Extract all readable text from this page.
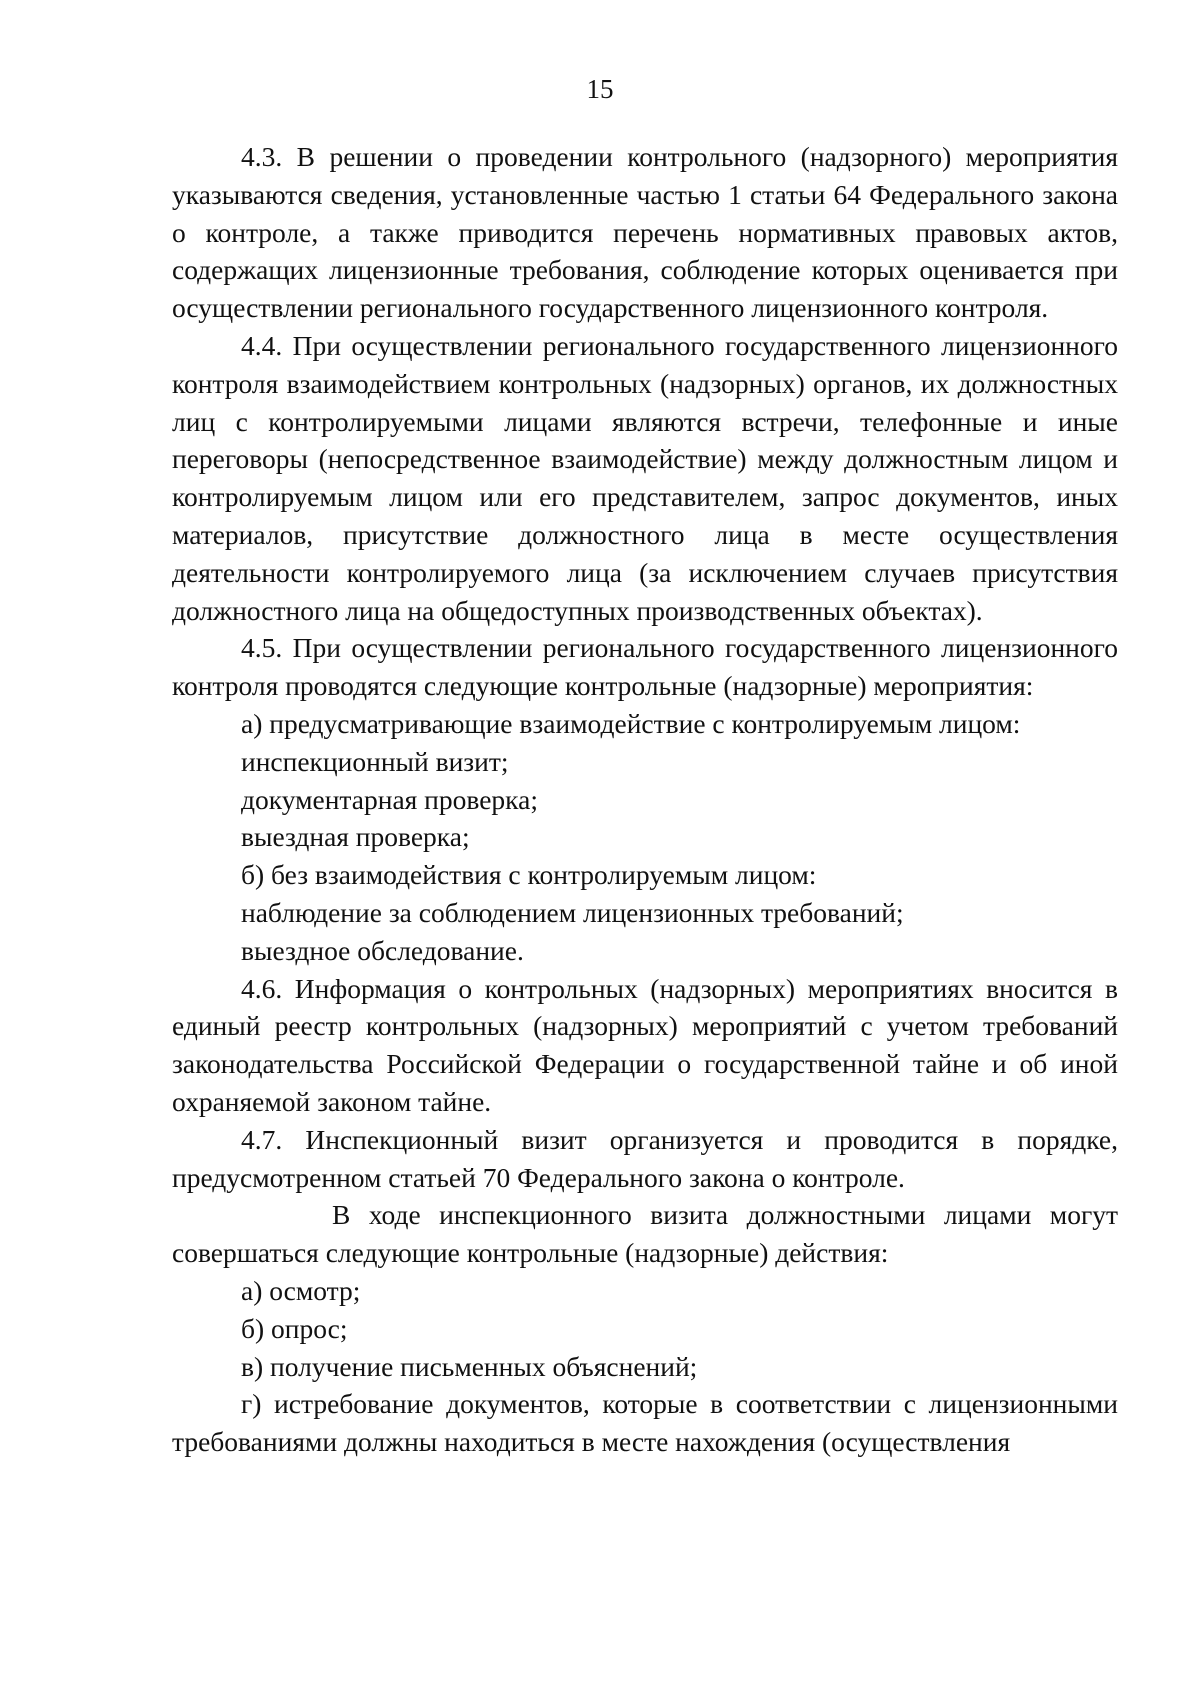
15

4.3. В решении о проведении контрольного (надзорного) мероприятия указываются сведения, установленные частью 1 статьи 64 Федерального закона о контроле, а также приводится перечень нормативных правовых актов, содержащих лицензионные требования, соблюдение которых оценивается при осуществлении регионального государственного лицензионного контроля.

4.4. При осуществлении регионального государственного лицензионного контроля взаимодействием контрольных (надзорных) органов, их должностных лиц с контролируемыми лицами являются встречи, телефонные и иные переговоры (непосредственное взаимодействие) между должностным лицом и контролируемым лицом или его представителем, запрос документов, иных материалов, присутствие должностного лица в месте осуществления деятельности контролируемого лица (за исключением случаев присутствия должностного лица на общедоступных производственных объектах).

4.5. При осуществлении регионального государственного лицензионного контроля проводятся следующие контрольные (надзорные) мероприятия:

а) предусматривающие взаимодействие с контролируемым лицом:

инспекционный визит;

документарная проверка;

выездная проверка;

б) без взаимодействия с контролируемым лицом:

наблюдение за соблюдением лицензионных требований;

выездное обследование.

4.6. Информация о контрольных (надзорных) мероприятиях вносится в единый реестр контрольных (надзорных) мероприятий с учетом требований законодательства Российской Федерации о государственной тайне и об иной охраняемой законом тайне.

4.7. Инспекционный визит организуется и проводится в порядке, предусмотренном статьей 70 Федерального закона о контроле.

В ходе инспекционного визита должностными лицами могут совершаться следующие контрольные (надзорные) действия:

а) осмотр;

б) опрос;

в) получение письменных объяснений;

г) истребование документов, которые в соответствии с лицензионными требованиями должны находиться в месте нахождения (осуществления
